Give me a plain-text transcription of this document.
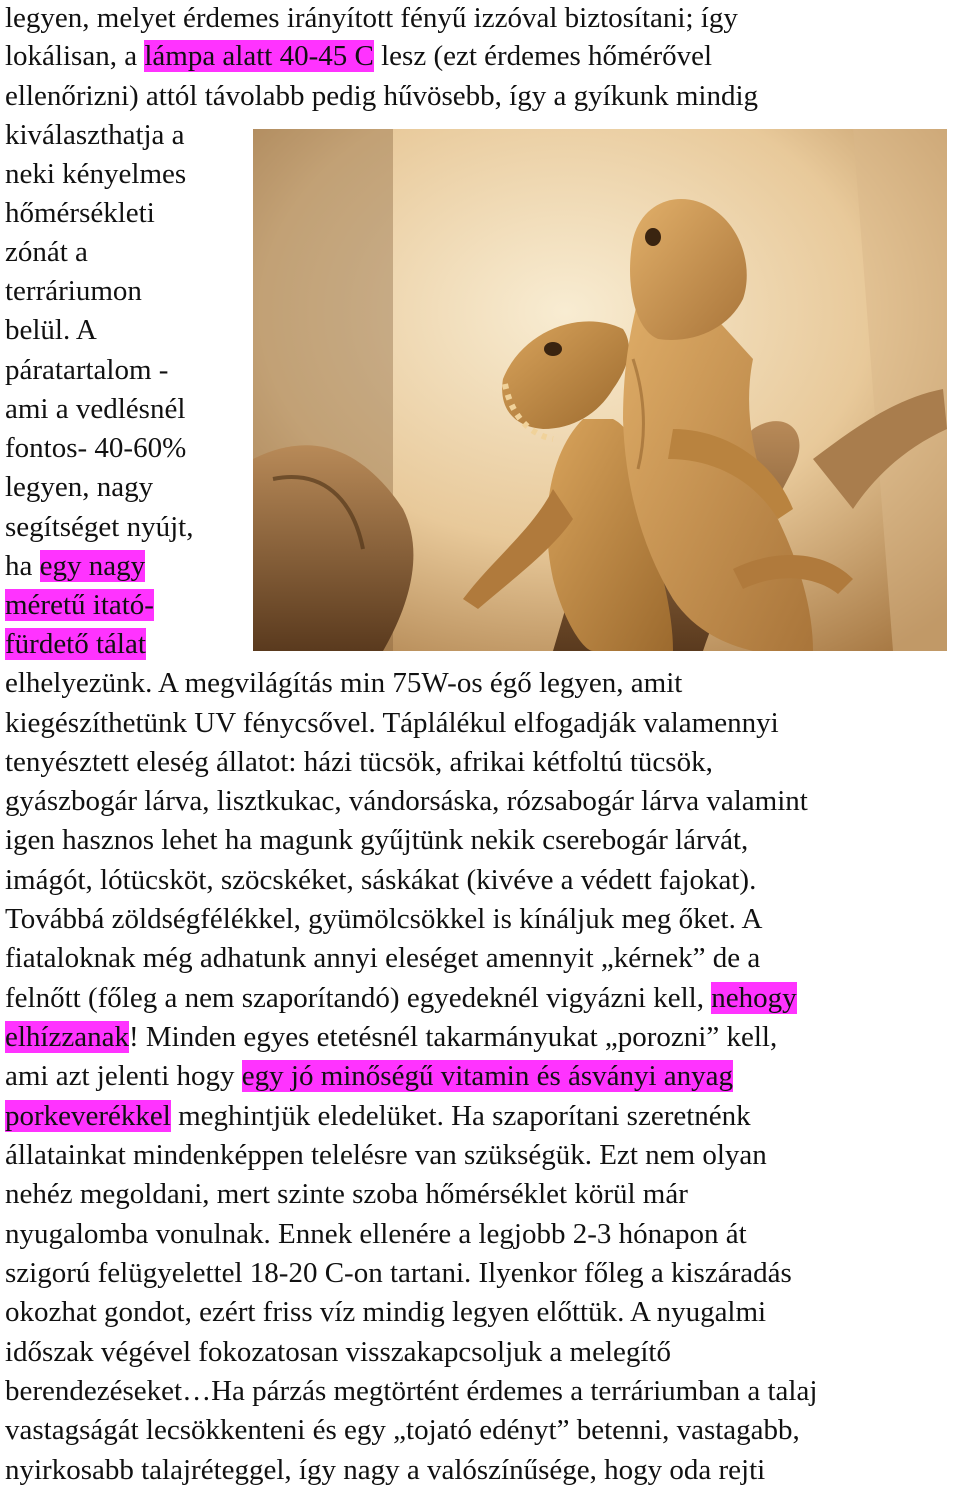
legyen, melyet érdemes irányított fényű izzóval biztosítani; így
lokálisan, a lámpa alatt 40-45 C lesz (ezt érdemes hőmérővel
ellenőrizni) attól távolabb pedig hűvösebb, így a gyíkunk mindig
kiválaszthatja a
neki kényelmes
hőmérsékleti
zónát a
terráriumon
belül. A
páratartalom -
ami a vedlésnél
fontos- 40-60%
legyen, nagy
segítséget nyújt,
ha egy nagy
méretű itató-
fürdető tálat
elhelyezünk. A megvilágítás min 75W-os égő legyen, amit
kiegészíthetünk UV fénycsővel. Táplálékul elfogadják valamennyi
tenyésztett eleség állatot: házi tücsök, afrikai kétfoltú tücsök,
gyászbogár lárva, lisztkukac, vándorsáska, rózsabogár lárva valamint
igen hasznos lehet ha magunk gyűjtünk nekik cserebogár lárvát,
imágót, lótücsköt, szöcskéket, sáskákat (kivéve a védett fajokat).
Továbbá zöldségfélékkel, gyümölcsökkel is kínáljuk meg őket. A
fiataloknak még adhatunk annyi eleséget amennyit „kérnek” de a
felnőtt (főleg a nem szaporítandó) egyedeknél vigyázni kell, nehogy
elhízzanak! Minden egyes etetésnél takarmányukat „porozni” kell,
ami azt jelenti hogy egy jó minőségű vitamin és ásványi anyag
porkeverékkel meghintjük eledelüket. Ha szaporítani szeretnénk
állatainkat mindenképpen telelésre van szükségük. Ezt nem olyan
nehéz megoldani, mert szinte szoba hőmérséklet körül már
nyugalomba vonulnak. Ennek ellenére a legjobb 2-3 hónapon át
szigorú felügyelettel 18-20 C-on tartani. Ilyenkor főleg a kiszáradás
okozhat gondot, ezért friss víz mindig legyen előttük. A nyugalmi
időszak végével fokozatosan visszakapcsoljuk a melegítő
berendezéseket…Ha párzás megtörtént érdemes a terráriumban a talaj
vastagságát lecsökkenteni és egy „tojató edényt” betenni, vastagabb,
nyirkosabb talajréteggel, így nagy a valószínűsége, hogy oda rejti
